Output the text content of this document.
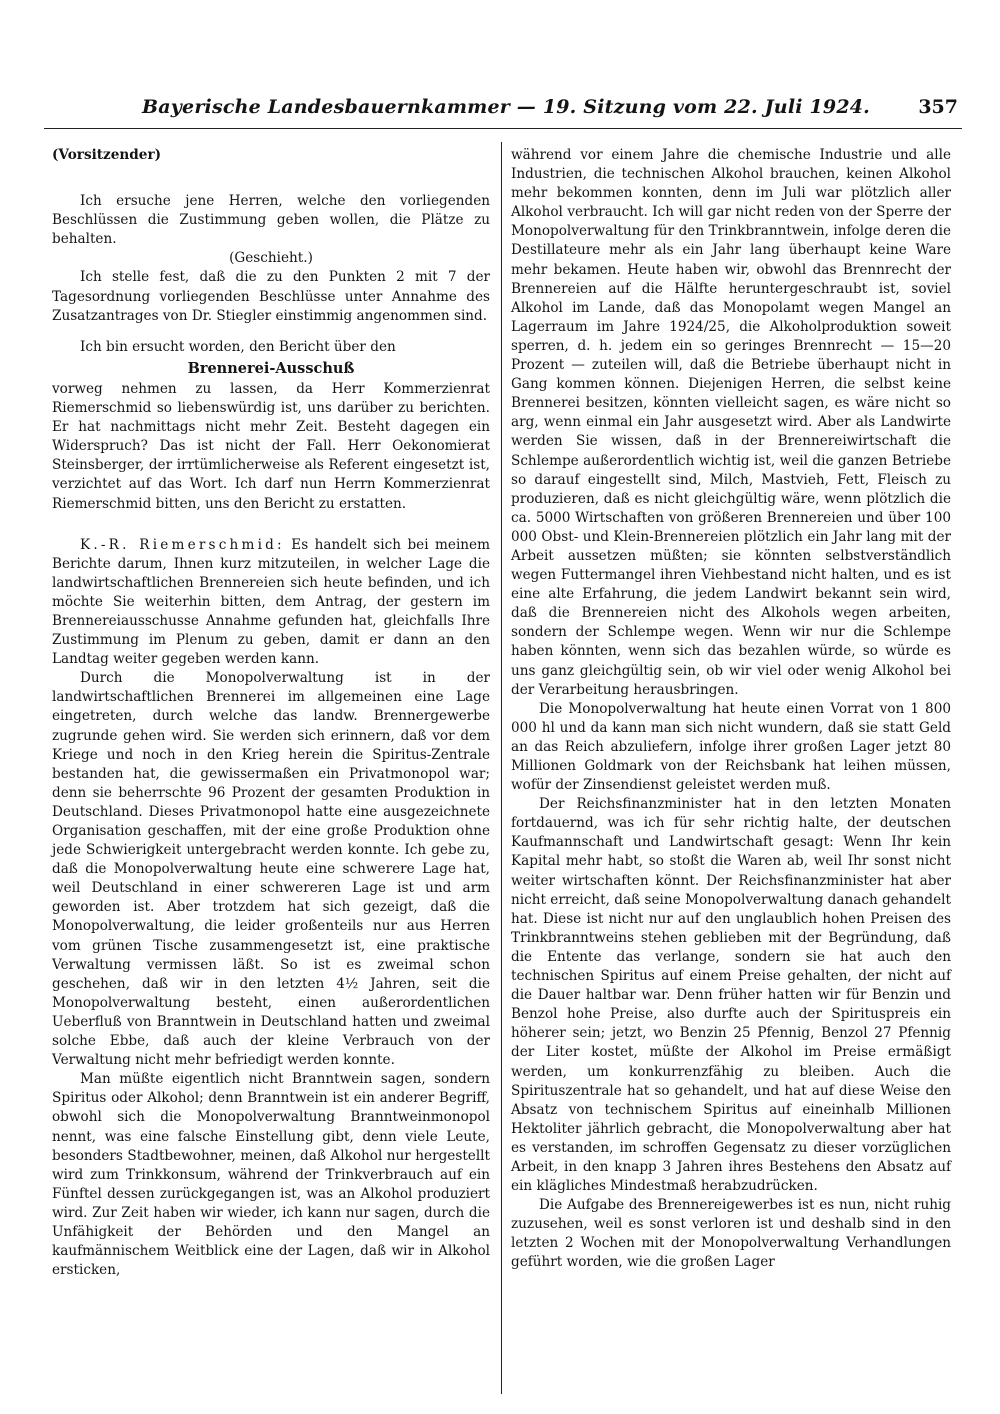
Bayerische Landesbauernkammer — 19. Sitzung vom 22. Juli 1924.	357

(Vorsitzender)

Ich ersuche jene Herren, welche den vorliegenden Beschlüssen die Zustimmung geben wollen, die Plätze zu behalten.

(Geschieht.)

Ich stelle fest, daß die zu den Punkten 2 mit 7 der Tagesordnung vorliegenden Beschlüsse unter Annahme des Zusatzantrages von Dr. Stiegler einstimmig angenommen sind.

Ich bin ersucht worden, den Bericht über den

Brennerei-Ausschuß

vorweg nehmen zu lassen, da Herr Kommerzienrat Riemerschmid so liebenswürdig ist, uns darüber zu berichten. Er hat nachmittags nicht mehr Zeit. Besteht dagegen ein Widerspruch? Das ist nicht der Fall. Herr Oekonomierat Steinsberger, der irrtümlicherweise als Referent eingesetzt ist, verzichtet auf das Wort. Ich darf nun Herrn Kommerzienrat Riemerschmid bitten, uns den Bericht zu erstatten.

K.-R. Riemerschmid: Es handelt sich bei meinem Berichte darum, Ihnen kurz mitzuteilen, in welcher Lage die landwirtschaftlichen Brennereien sich heute befinden, und ich möchte Sie weiterhin bitten, dem Antrag, der gestern im Brennereiausschusse Annahme gefunden hat, gleichfalls Ihre Zustimmung im Plenum zu geben, damit er dann an den Landtag weiter gegeben werden kann.

Durch die Monopolverwaltung ist in der landwirtschaftlichen Brennerei im allgemeinen eine Lage eingetreten, durch welche das landw. Brennergewerbe zugrunde gehen wird. Sie werden sich erinnern, daß vor dem Kriege und noch in den Krieg herein die Spiritus-Zentrale bestanden hat, die gewissermaßen ein Privatmonopol war; denn sie beherrschte 96 Prozent der gesamten Produktion in Deutschland. Dieses Privatmonopol hatte eine ausgezeichnete Organisation geschaffen, mit der eine große Produktion ohne jede Schwierigkeit untergebracht werden konnte. Ich gebe zu, daß die Monopolverwaltung heute eine schwerere Lage hat, weil Deutschland in einer schwereren Lage ist und arm geworden ist. Aber trotzdem hat sich gezeigt, daß die Monopolverwaltung, die leider großenteils nur aus Herren vom grünen Tische zusammengesetzt ist, eine praktische Verwaltung vermissen läßt. So ist es zweimal schon geschehen, daß wir in den letzten 4½ Jahren, seit die Monopolverwaltung besteht, einen außerordentlichen Ueberfluß von Branntwein in Deutschland hatten und zweimal solche Ebbe, daß auch der kleine Verbrauch von der Verwaltung nicht mehr befriedigt werden konnte.

Man müßte eigentlich nicht Branntwein sagen, sondern Spiritus oder Alkohol; denn Branntwein ist ein anderer Begriff, obwohl sich die Monopolverwaltung Branntweinmonopol nennt, was eine falsche Einstellung gibt, denn viele Leute, besonders Stadtbewohner, meinen, daß Alkohol nur hergestellt wird zum Trinkkonsum, während der Trinkverbrauch auf ein Fünftel dessen zurückgegangen ist, was an Alkohol produziert wird. Zur Zeit haben wir wieder, ich kann nur sagen, durch die Unfähigkeit der Behörden und den Mangel an kaufmännischem Weitblick eine der Lagen, daß wir in Alkohol ersticken,

während vor einem Jahre die chemische Industrie und alle Industrien, die technischen Alkohol brauchen, keinen Alkohol mehr bekommen konnten, denn im Juli war plötzlich aller Alkohol verbraucht. Ich will gar nicht reden von der Sperre der Monopolverwaltung für den Trinkbranntwein, infolge deren die Destillateure mehr als ein Jahr lang überhaupt keine Ware mehr bekamen. Heute haben wir, obwohl das Brennrecht der Brennereien auf die Hälfte heruntergeschraubt ist, soviel Alkohol im Lande, daß das Monopolamt wegen Mangel an Lagerraum im Jahre 1924/25, die Alkoholproduktion soweit sperren, d. h. jedem ein so geringes Brennrecht — 15—20 Prozent — zuteilen will, daß die Betriebe überhaupt nicht in Gang kommen können. Diejenigen Herren, die selbst keine Brennerei besitzen, könnten vielleicht sagen, es wäre nicht so arg, wenn einmal ein Jahr ausgesetzt wird. Aber als Landwirte werden Sie wissen, daß in der Brennereiwirtschaft die Schlempe außerordentlich wichtig ist, weil die ganzen Betriebe so darauf eingestellt sind, Milch, Mastvieh, Fett, Fleisch zu produzieren, daß es nicht gleichgültig wäre, wenn plötzlich die ca. 5000 Wirtschaften von größeren Brennereien und über 100 000 Obst- und Klein-Brennereien plötzlich ein Jahr lang mit der Arbeit aussetzen müßten; sie könnten selbstverständlich wegen Futtermangel ihren Viehbestand nicht halten, und es ist eine alte Erfahrung, die jedem Landwirt bekannt sein wird, daß die Brennereien nicht des Alkohols wegen arbeiten, sondern der Schlempe wegen. Wenn wir nur die Schlempe haben könnten, wenn sich das bezahlen würde, so würde es uns ganz gleichgültig sein, ob wir viel oder wenig Alkohol bei der Verarbeitung herausbringen.

Die Monopolverwaltung hat heute einen Vorrat von 1 800 000 hl und da kann man sich nicht wundern, daß sie statt Geld an das Reich abzuliefern, infolge ihrer großen Lager jetzt 80 Millionen Goldmark von der Reichsbank hat leihen müssen, wofür der Zinsendienst geleistet werden muß.

Der Reichsfinanzminister hat in den letzten Monaten fortdauernd, was ich für sehr richtig halte, der deutschen Kaufmannschaft und Landwirtschaft gesagt: Wenn Ihr kein Kapital mehr habt, so stoßt die Waren ab, weil Ihr sonst nicht weiter wirtschaften könnt. Der Reichsfinanzminister hat aber nicht erreicht, daß seine Monopolverwaltung danach gehandelt hat. Diese ist nicht nur auf den unglaublich hohen Preisen des Trinkbranntweins stehen geblieben mit der Begründung, daß die Entente das verlange, sondern sie hat auch den technischen Spiritus auf einem Preise gehalten, der nicht auf die Dauer haltbar war. Denn früher hatten wir für Benzin und Benzol hohe Preise, also durfte auch der Spirituspreis ein höherer sein; jetzt, wo Benzin 25 Pfennig, Benzol 27 Pfennig der Liter kostet, müßte der Alkohol im Preise ermäßigt werden, um konkurrenzfähig zu bleiben. Auch die Spirituszentrale hat so gehandelt, und hat auf diese Weise den Absatz von technischem Spiritus auf eineinhalb Millionen Hektoliter jährlich gebracht, die Monopolverwaltung aber hat es verstanden, im schroffen Gegensatz zu dieser vorzüglichen Arbeit, in den knapp 3 Jahren ihres Bestehens den Absatz auf ein klägliches Mindestmaß herabzudrücken.

Die Aufgabe des Brennereigewerbes ist es nun, nicht ruhig zuzusehen, weil es sonst verloren ist und deshalb sind in den letzten 2 Wochen mit der Monopolverwaltung Verhandlungen geführt worden, wie die großen Lager
